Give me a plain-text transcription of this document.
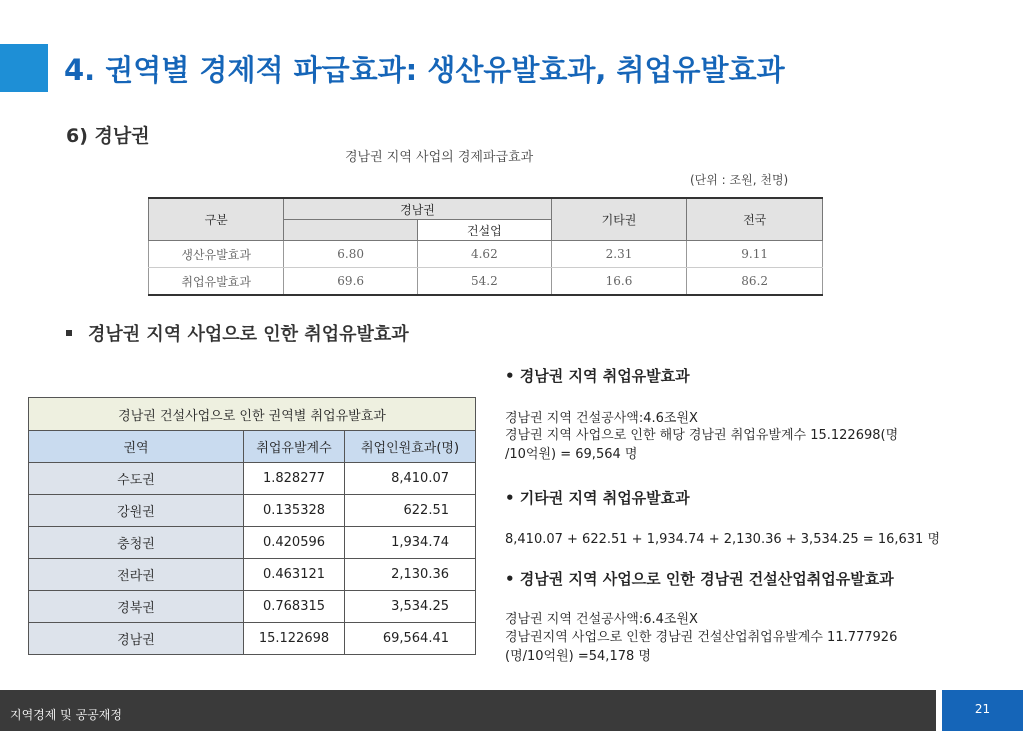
4. 권역별 경제적 파급효과: 생산유발효과, 취업유발효과
6) 경남권
경남권 지역 사업의 경제파급효과
(단위 : 조원, 천명)
구분	경남권		기타권	전국
		건설업		
생산유발효과	6.80	4.62	2.31	9.11
취업유발효과	69.6	54.2	16.6	86.2
경남권 지역 사업으로 인한 취업유발효과
경남권 건설사업으로 인한 권역별 취업유발효과		
권역	취업유발계수	취업인원효과(명)
수도권	1.828277	8,410.07
강원권	0.135328	622.51
충청권	0.420596	1,934.74
전라권	0.463121	2,130.36
경북권	0.768315	3,534.25
경남권	15.122698	69,564.41
• 경남권 지역 취업유발효과
경남권 지역 건설공사액:4.6조원X
경남권 지역 사업으로 인한 해당 경남권 취업유발계수 15.122698(명
/10억원) = 69,564 명
• 기타권 지역 취업유발효과
8,410.07 + 622.51 + 1,934.74 + 2,130.36 + 3,534.25 = 16,631 명
• 경남권 지역 사업으로 인한 경남권 건설산업취업유발효과
경남권 지역 건설공사액:6.4조원X
경남권지역 사업으로 인한 경남권 건설산업취업유발계수 11.777926
(명/10억원) =54,178 명
지역경제 및 공공재정	21
